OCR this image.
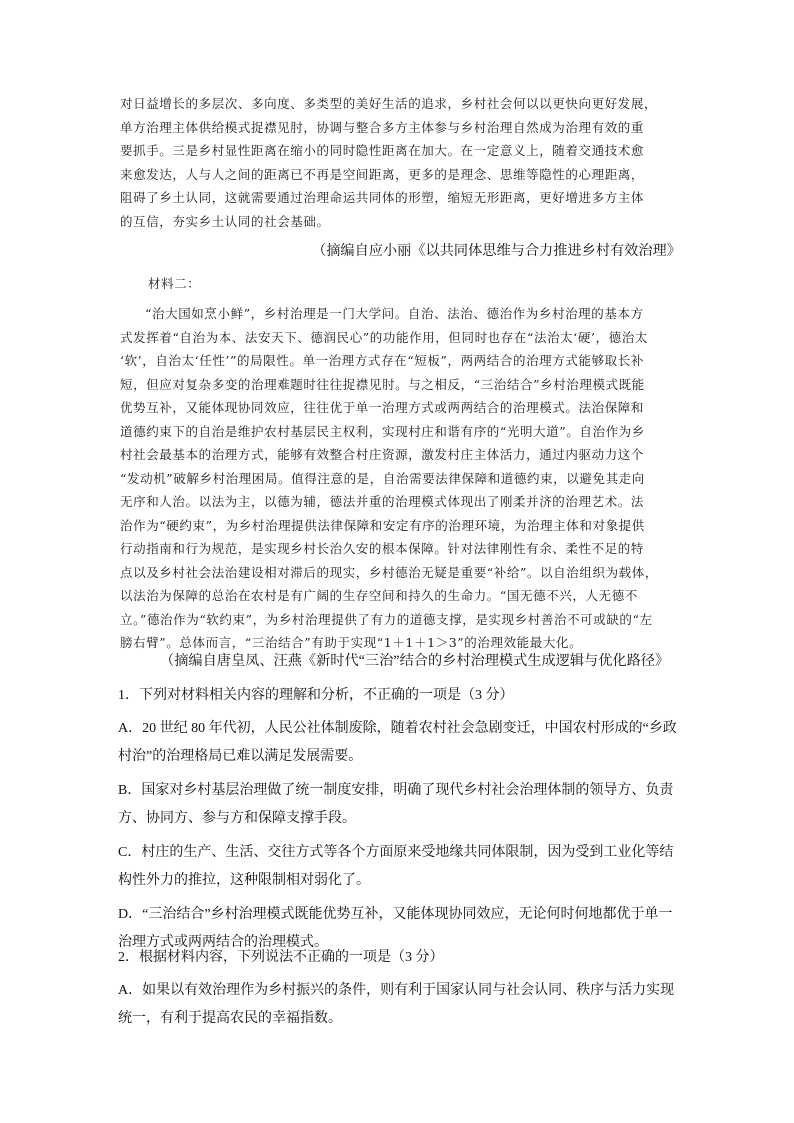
对日益增长的多层次、多向度、多类型的美好生活的追求，乡村社会何以以更快向更好发展，
单方治理主体供给模式捉襟见肘，协调与整合多方主体参与乡村治理自然成为治理有效的重
要抓手。三是乡村显性距离在缩小的同时隐性距离在加大。在一定意义上，随着交通技术愈
来愈发达，人与人之间的距离已不再是空间距离，更多的是理念、思维等隐性的心理距离，
阻碍了乡土认同，这就需要通过治理命运共同体的形塑，缩短无形距离，更好增进多方主体
的互信，夯实乡土认同的社会基础。
（摘编自应小丽《以共同体思维与合力推进乡村有效治理》
材料二：
“治大国如烹小鲜”，乡村治理是一门大学问。自治、法治、德治作为乡村治理的基本方
式发挥着“自治为本、法安天下、德润民心”的功能作用，但同时也存在“法治太‘硬’，德治太
‘软’，自治太‘任性’”的局限性。单一治理方式存在“短板”，两两结合的治理方式能够取长补
短，但应对复杂多变的治理难题时往往捉襟见肘。与之相反，“三治结合”乡村治理模式既能
优势互补，又能体现协同效应，往往优于单一治理方式或两两结合的治理模式。法治保障和
道德约束下的自治是维护农村基层民主权利，实现村庄和谐有序的“光明大道”。自治作为乡
村社会最基本的治理方式，能够有效整合村庄资源，激发村庄主体活力，通过内驱动力这个
“发动机”破解乡村治理困局。值得注意的是，自治需要法律保障和道德约束，以避免其走向
无序和人治。以法为主，以德为辅，德法并重的治理模式体现出了刚柔并济的治理艺术。法
治作为“硬约束”，为乡村治理提供法律保障和安定有序的治理环境，为治理主体和对象提供
行动指南和行为规范，是实现乡村长治久安的根本保障。针对法律刚性有余、柔性不足的特
点以及乡村社会法治建设相对滞后的现实，乡村德治无疑是重要“补给”。以自治组织为载体，
以法治为保障的总治在农村是有广阔的生存空间和持久的生命力。“国无德不兴，人无德不
立。”德治作为“软约束”，为乡村治理提供了有力的道德支撑，是实现乡村善治不可或缺的“左
膀右臂”。总体而言，“三治结合”有助于实现“1＋1＋1＞3”的治理效能最大化。
（摘编自唐皇凤、汪燕《新时代“三治”结合的乡村治理模式生成逻辑与优化路径》
1．下列对材料相关内容的理解和分析，不正确的一项是（3 分）
A．20 世纪 80 年代初，人民公社体制废除，随着农村社会急剧变迁，中国农村形成的“乡政
村治”的治理格局已难以满足发展需要。
B．国家对乡村基层治理做了统一制度安排，明确了现代乡村社会治理体制的领导方、负责
方、协同方、参与方和保障支撑手段。
C．村庄的生产、生活、交往方式等各个方面原来受地缘共同体限制，因为受到工业化等结
构性外力的推拉，这种限制相对弱化了。
D．“三治结合”乡村治理模式既能优势互补，又能体现协同效应，无论何时何地都优于单一
治理方式或两两结合的治理模式。
2．根据材料内容，下列说法不正确的一项是（3 分）
A．如果以有效治理作为乡村振兴的条件，则有利于国家认同与社会认同、秩序与活力实现
统一，有利于提高农民的幸福指数。
